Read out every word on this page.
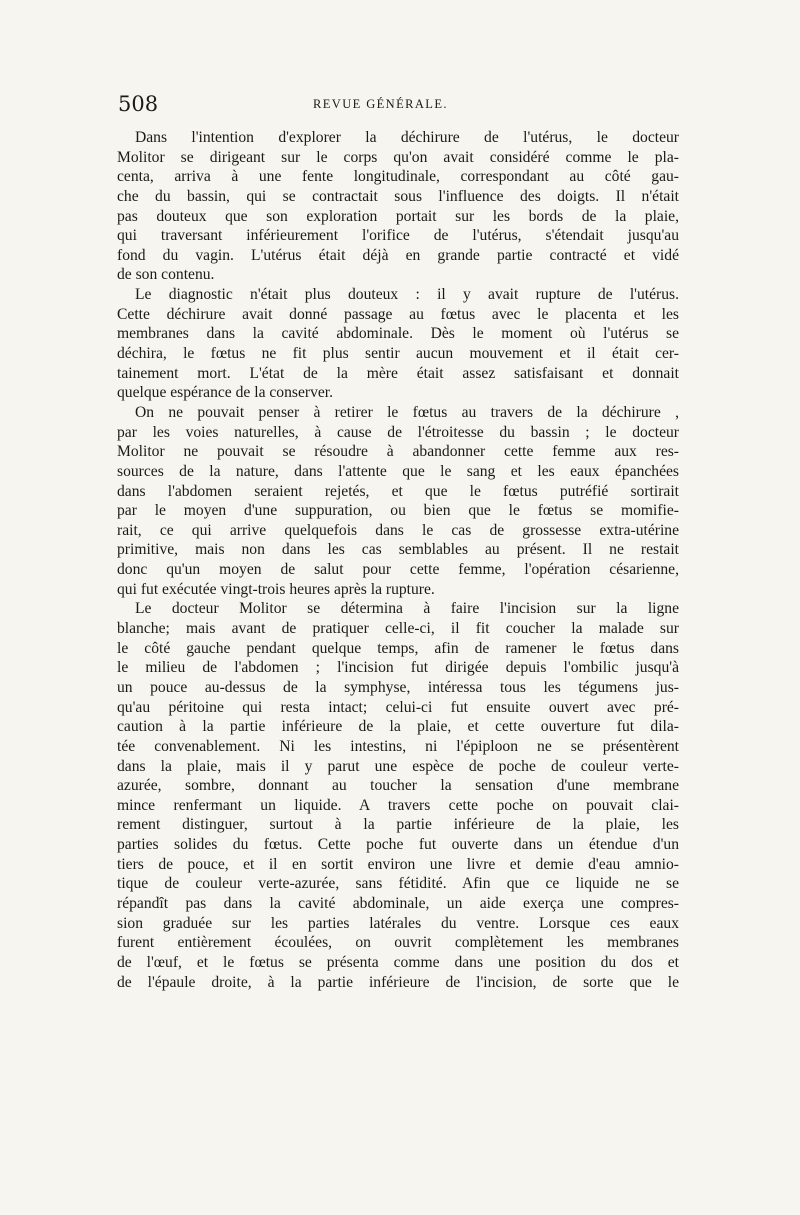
508	REVUE GÉNÉRALE.
Dans l'intention d'explorer la déchirure de l'utérus, le docteur
Molitor se dirigeant sur le corps qu'on avait considéré comme le pla-
centa, arriva à une fente longitudinale, correspondant au côté gau-
che du bassin, qui se contractait sous l'influence des doigts. Il n'était
pas douteux que son exploration portait sur les bords de la plaie,
qui traversant inférieurement l'orifice de l'utérus, s'étendait jusqu'au
fond du vagin. L'utérus était déjà en grande partie contracté et vidé
de son contenu.
Le diagnostic n'était plus douteux : il y avait rupture de l'utérus.
Cette déchirure avait donné passage au fœtus avec le placenta et les
membranes dans la cavité abdominale. Dès le moment où l'utérus se
déchira, le fœtus ne fit plus sentir aucun mouvement et il était cer-
tainement mort. L'état de la mère était assez satisfaisant et donnait
quelque espérance de la conserver.
On ne pouvait penser à retirer le fœtus au travers de la déchirure ,
par les voies naturelles, à cause de l'étroitesse du bassin ; le docteur
Molitor ne pouvait se résoudre à abandonner cette femme aux res-
sources de la nature, dans l'attente que le sang et les eaux épanchées
dans l'abdomen seraient rejetés, et que le fœtus putréfié sortirait
par le moyen d'une suppuration, ou bien que le fœtus se momifie-
rait, ce qui arrive quelquefois dans le cas de grossesse extra-utérine
primitive, mais non dans les cas semblables au présent. Il ne restait
donc qu'un moyen de salut pour cette femme, l'opération césarienne,
qui fut exécutée vingt-trois heures après la rupture.
Le docteur Molitor se détermina à faire l'incision sur la ligne
blanche; mais avant de pratiquer celle-ci, il fit coucher la malade sur
le côté gauche pendant quelque temps, afin de ramener le fœtus dans
le milieu de l'abdomen ; l'incision fut dirigée depuis l'ombilic jusqu'à
un pouce au-dessus de la symphyse, intéressa tous les tégumens jus-
qu'au péritoine qui resta intact; celui-ci fut ensuite ouvert avec pré-
caution à la partie inférieure de la plaie, et cette ouverture fut dila-
tée convenablement. Ni les intestins, ni l'épiploon ne se présentèrent
dans la plaie, mais il y parut une espèce de poche de couleur verte-
azurée, sombre, donnant au toucher la sensation d'une membrane
mince renfermant un liquide. A travers cette poche on pouvait clai-
rement distinguer, surtout à la partie inférieure de la plaie, les
parties solides du fœtus. Cette poche fut ouverte dans un étendue d'un
tiers de pouce, et il en sortit environ une livre et demie d'eau amnio-
tique de couleur verte-azurée, sans fétidité. Afin que ce liquide ne se
répandît pas dans la cavité abdominale, un aide exerça une compres-
sion graduée sur les parties latérales du ventre. Lorsque ces eaux
furent entièrement écoulées, on ouvrit complètement les membranes
de l'œuf, et le fœtus se présenta comme dans une position du dos et
de l'épaule droite, à la partie inférieure de l'incision, de sorte que le
